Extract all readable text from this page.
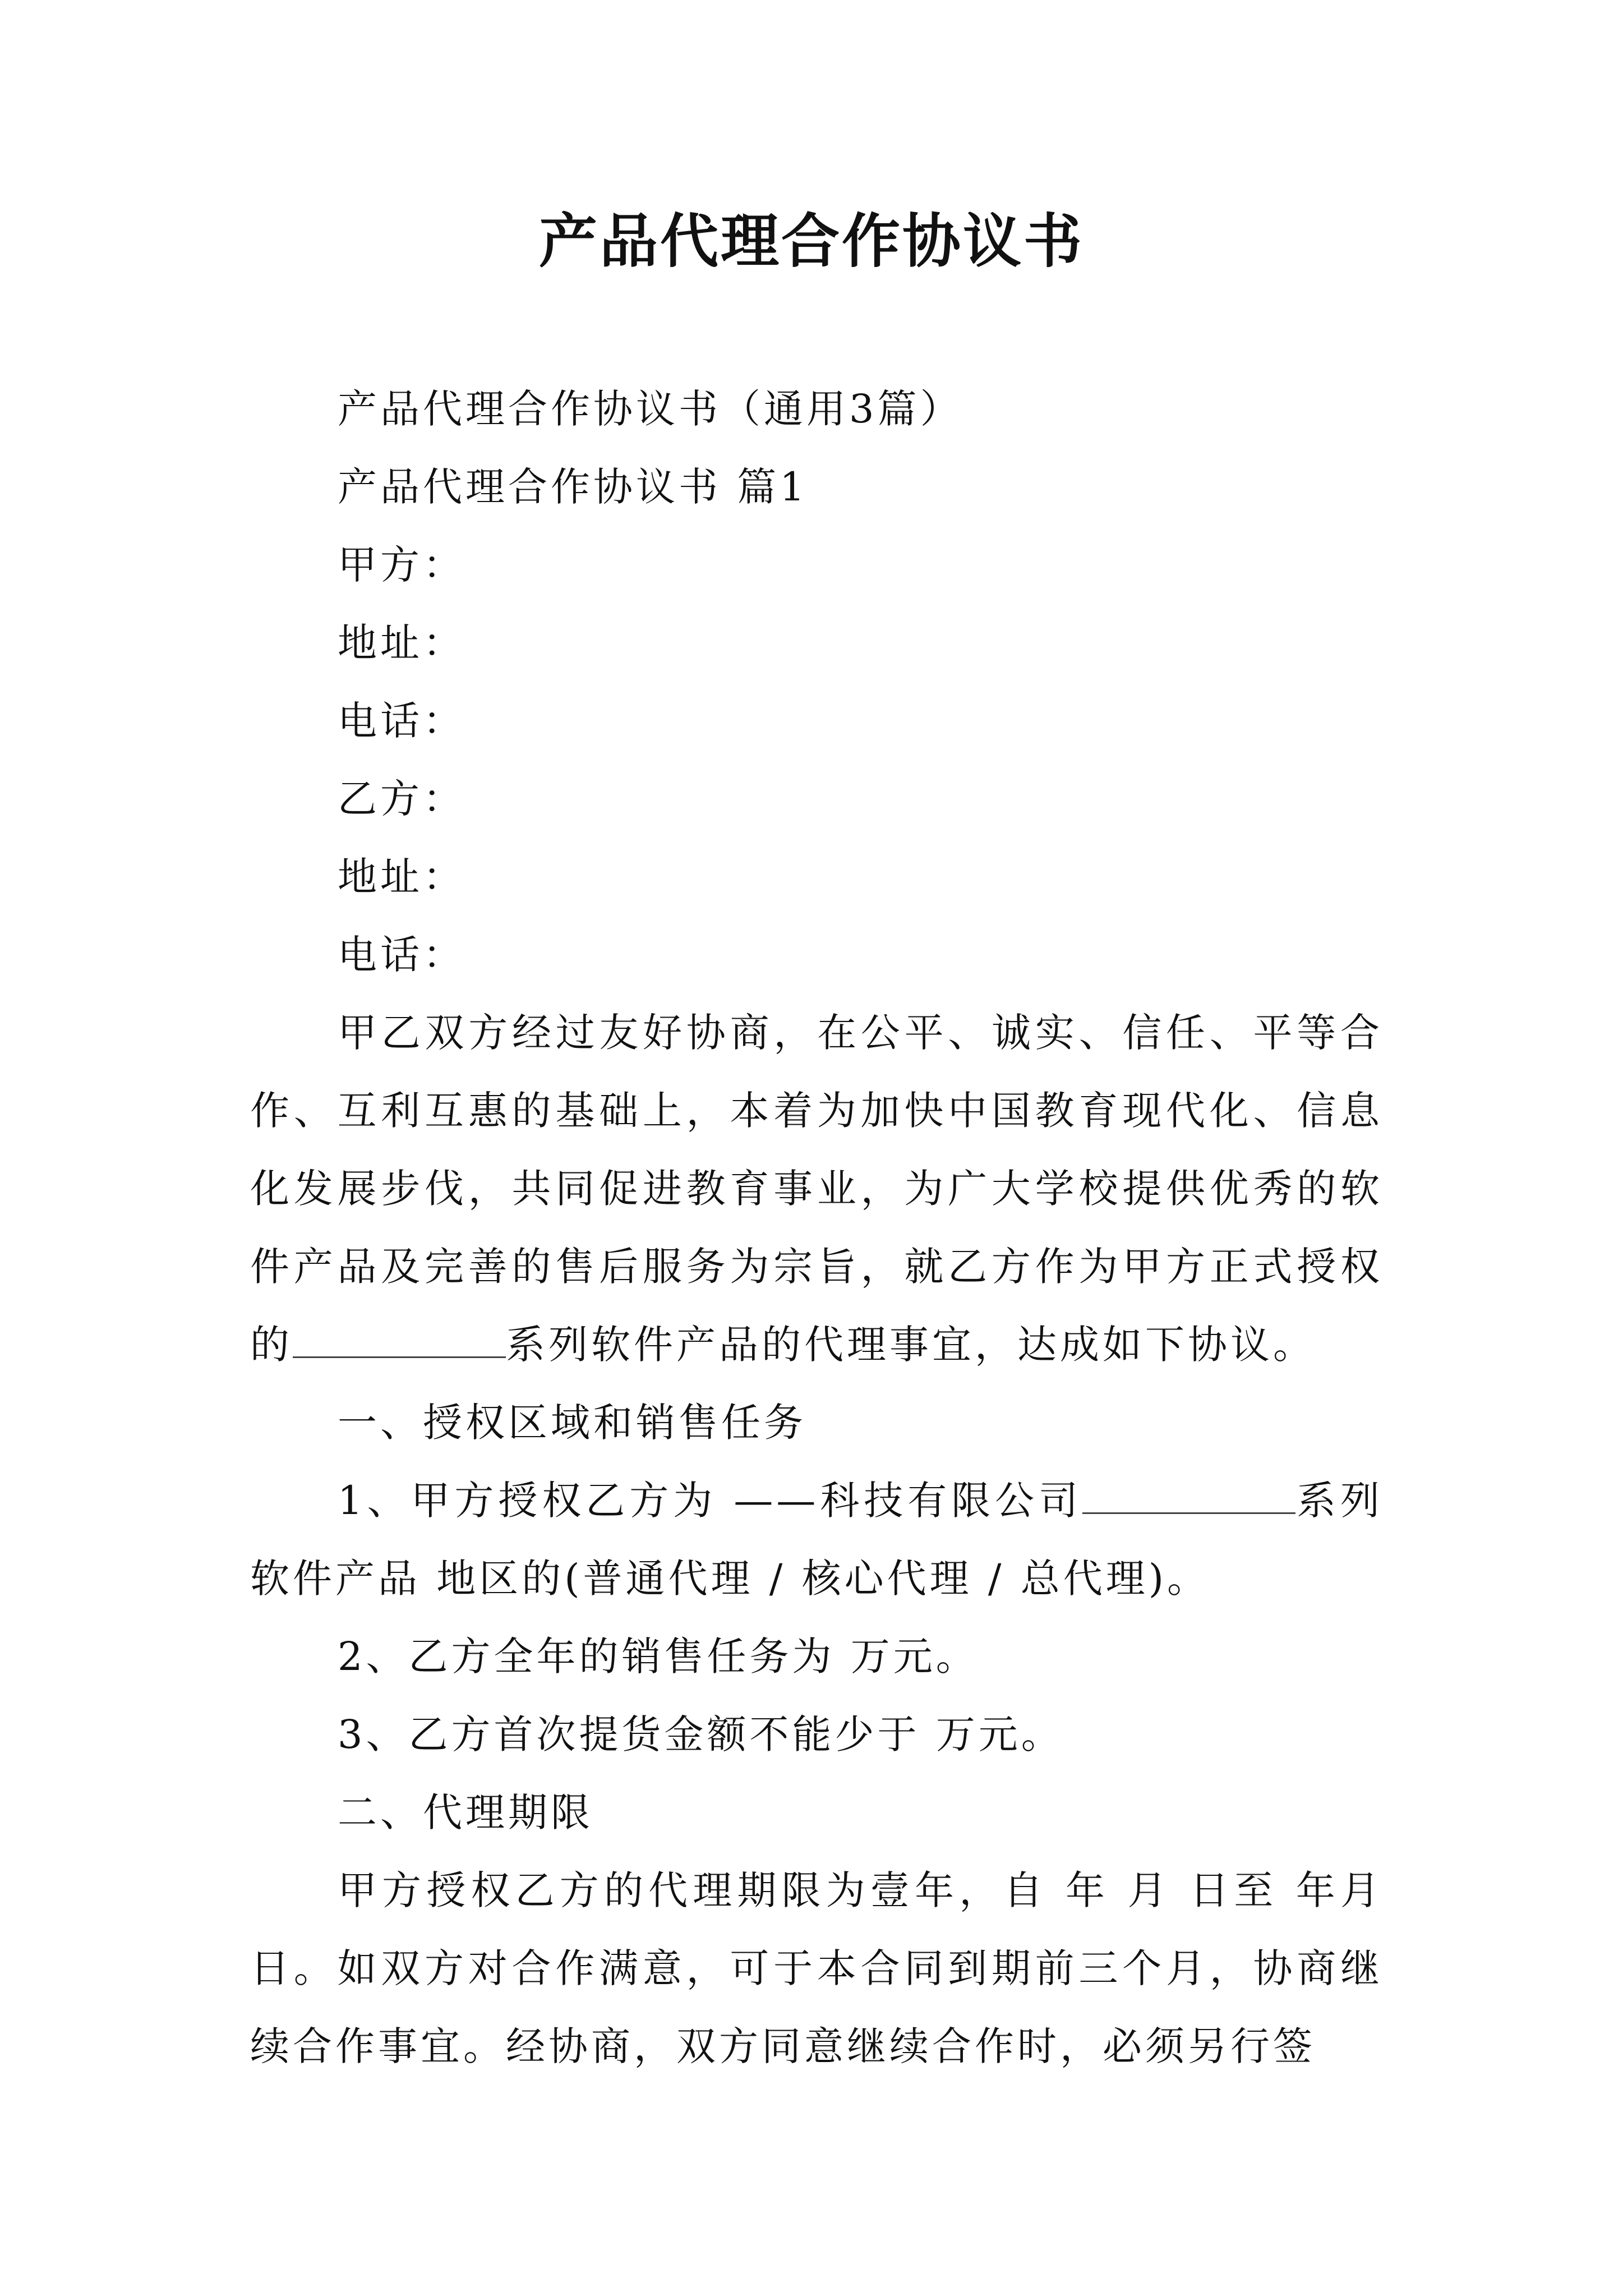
产品代理合作协议书

产品代理合作协议书（通用3篇）

产品代理合作协议书 篇1

甲方：

地址：

电话：

乙方：

地址：

电话：

甲乙双方经过友好协商，在公平、诚实、信任、平等合作、互利互惠的基础上，本着为加快中国教育现代化、信息化发展步伐，共同促进教育事业，为广大学校提供优秀的软件产品及完善的售后服务为宗旨，就乙方作为甲方正式授权的	系列软件产品的代理事宜，达成如下协议。

一、授权区域和销售任务

1、甲方授权乙方为 ——科技有限公司	系列软件产品 地区的(普通代理 / 核心代理 / 总代理)。

2、乙方全年的销售任务为 万元。

3、乙方首次提货金额不能少于 万元。

二、代理期限

甲方授权乙方的代理期限为壹年，自 年 月 日至 年月日。如双方对合作满意，可于本合同到期前三个月，协商继续合作事宜。经协商，双方同意继续合作时，必须另行签
